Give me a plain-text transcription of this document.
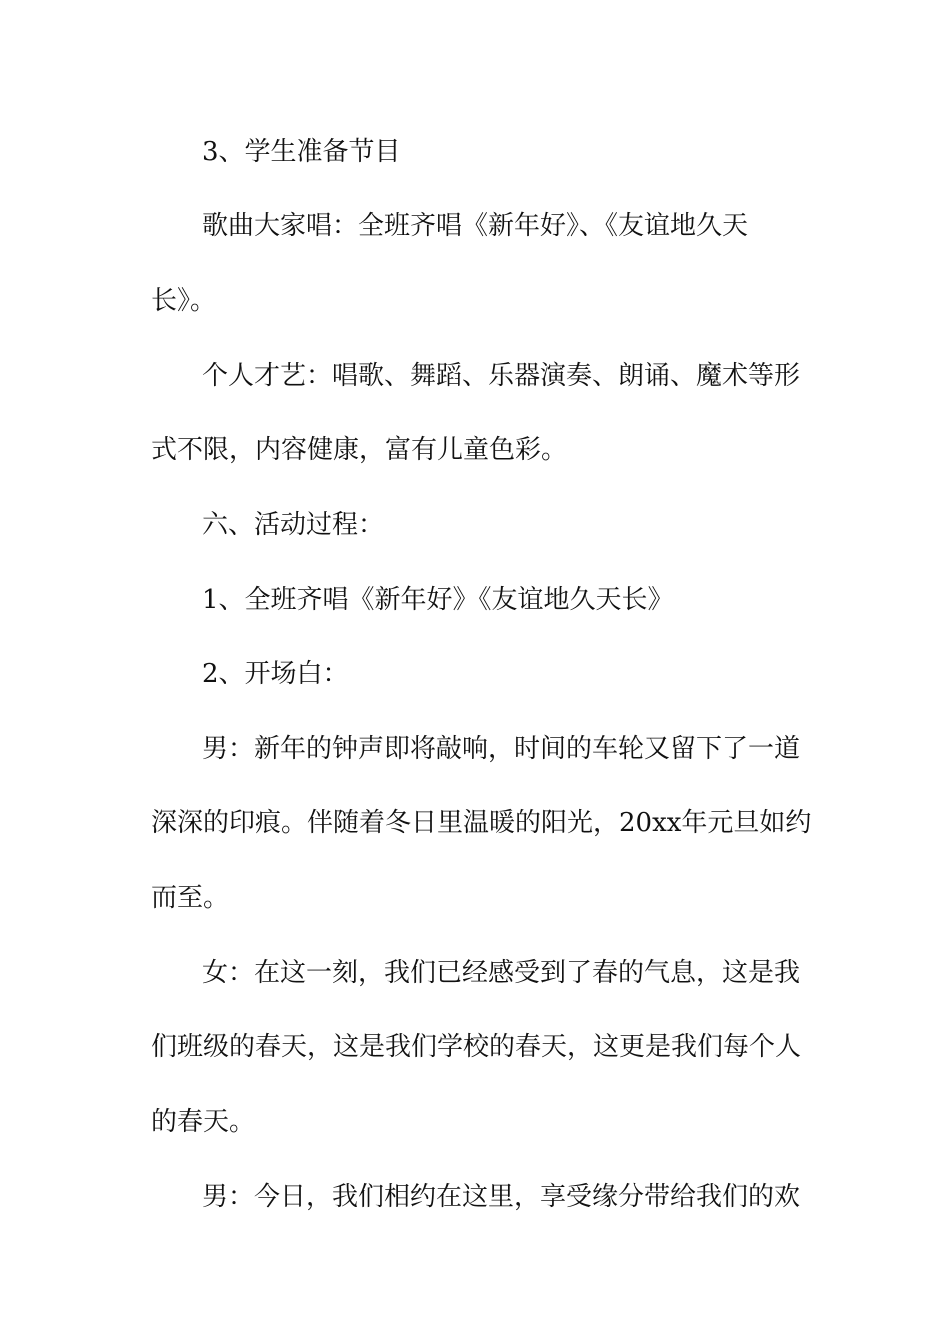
3、学生准备节目
歌曲大家唱：全班齐唱《新年好》、《友谊地久天
长》。
个人才艺：唱歌、舞蹈、乐器演奏、朗诵、魔术等形
式不限，内容健康，富有儿童色彩。
六、活动过程：
1、全班齐唱《新年好》《友谊地久天长》
2、开场白：
男：新年的钟声即将敲响，时间的车轮又留下了一道
深深的印痕。伴随着冬日里温暖的阳光，20xx年元旦如约
而至。
女：在这一刻，我们已经感受到了春的气息，这是我
们班级的春天，这是我们学校的春天，这更是我们每个人
的春天。
男：今日，我们相约在这里，享受缘分带给我们的欢
